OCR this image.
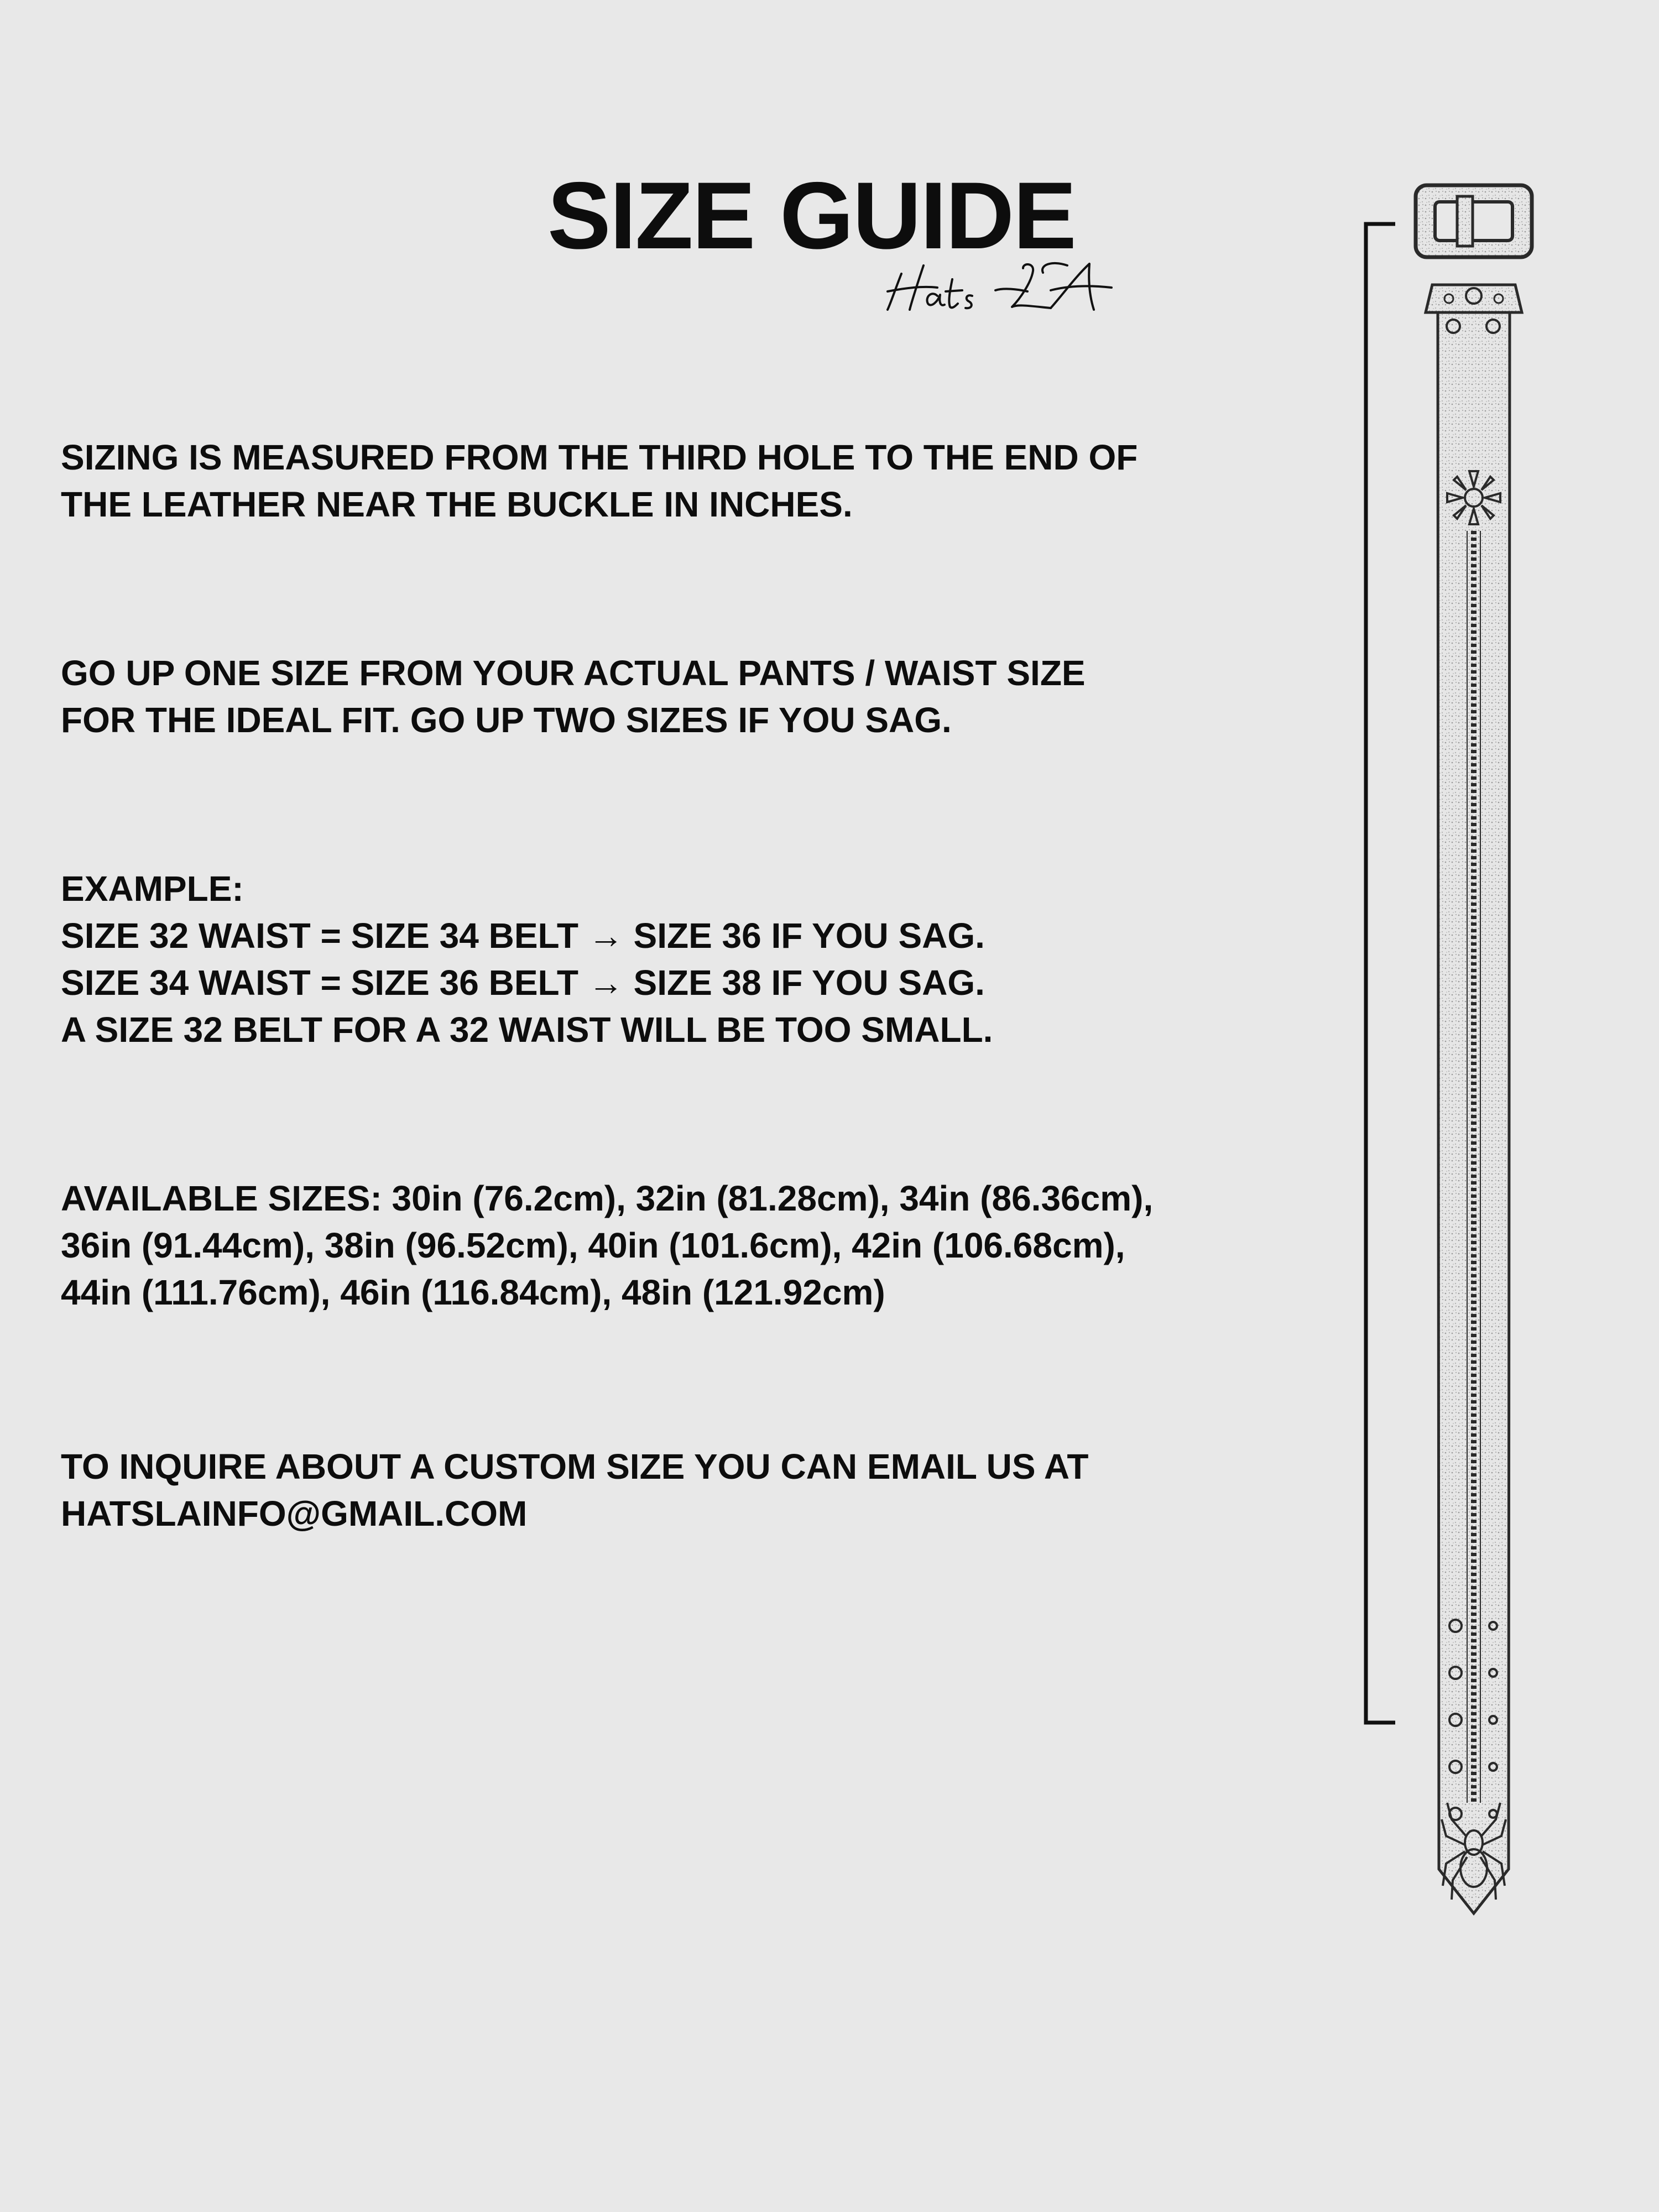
SIZE GUIDE
SIZING IS MEASURED FROM THE THIRD HOLE TO THE END OF
THE LEATHER NEAR THE BUCKLE IN INCHES.
GO UP ONE SIZE FROM YOUR ACTUAL PANTS / WAIST SIZE
FOR THE IDEAL FIT. GO UP TWO SIZES IF YOU SAG.
EXAMPLE:
SIZE 32 WAIST = SIZE 34 BELT → SIZE 36 IF YOU SAG.
SIZE 34 WAIST = SIZE 36 BELT → SIZE 38 IF YOU SAG.
A SIZE 32 BELT FOR A 32 WAIST WILL BE TOO SMALL.
AVAILABLE SIZES: 30in (76.2cm), 32in (81.28cm), 34in (86.36cm),
36in (91.44cm), 38in (96.52cm), 40in (101.6cm), 42in (106.68cm),
44in (111.76cm), 46in (116.84cm), 48in (121.92cm)
TO INQUIRE ABOUT A CUSTOM SIZE YOU CAN EMAIL US AT
HATSLAINFO@GMAIL.COM
